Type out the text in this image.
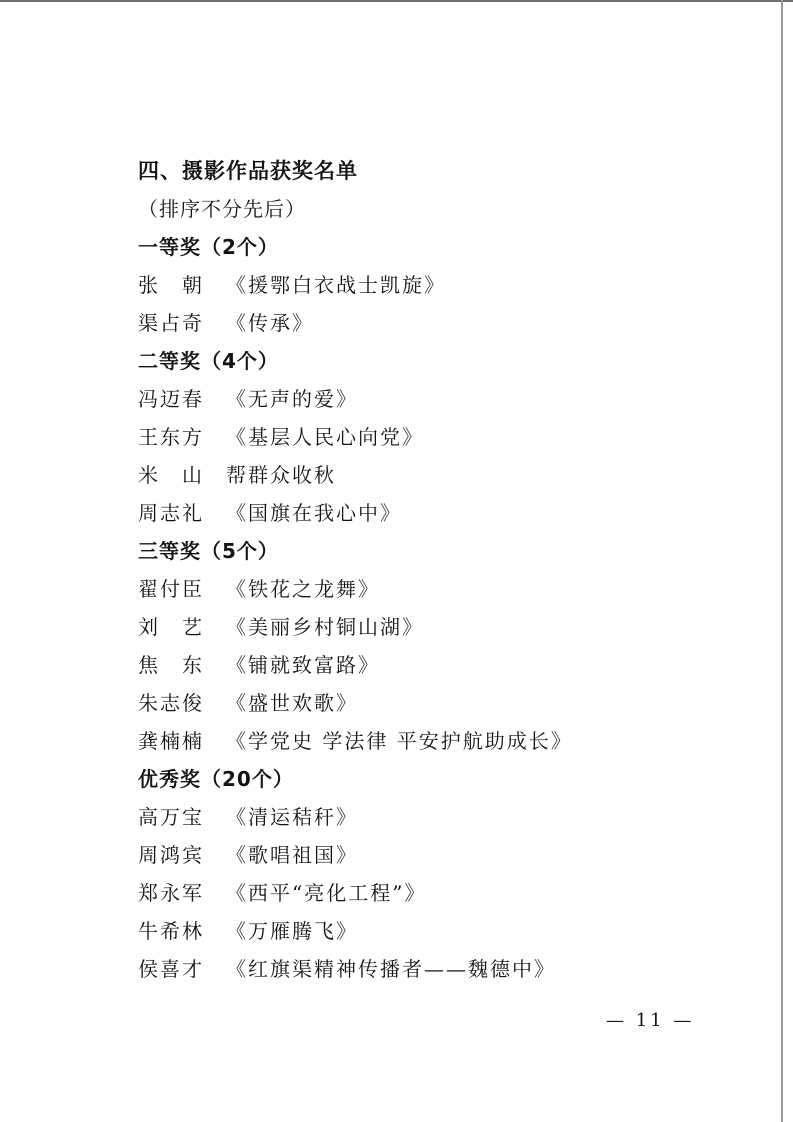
四、摄影作品获奖名单
（排序不分先后）
一等奖（2个）
张　朝	《援鄂白衣战士凯旋》
渠占奇	《传承》
二等奖（4个）
冯迈春	《无声的爱》
王东方	《基层人民心向党》
米　山	帮群众收秋
周志礼	《国旗在我心中》
三等奖（5个）
翟付臣	《铁花之龙舞》
刘　艺	《美丽乡村铜山湖》
焦　东	《铺就致富路》
朱志俊	《盛世欢歌》
龚楠楠	《学党史 学法律 平安护航助成长》
优秀奖（20个）
高万宝	《清运秸秆》
周鸿宾	《歌唱祖国》
郑永军	《西平“亮化工程”》
牛希林	《万雁腾飞》
侯喜才	《红旗渠精神传播者——魏德中》
— 11 —
